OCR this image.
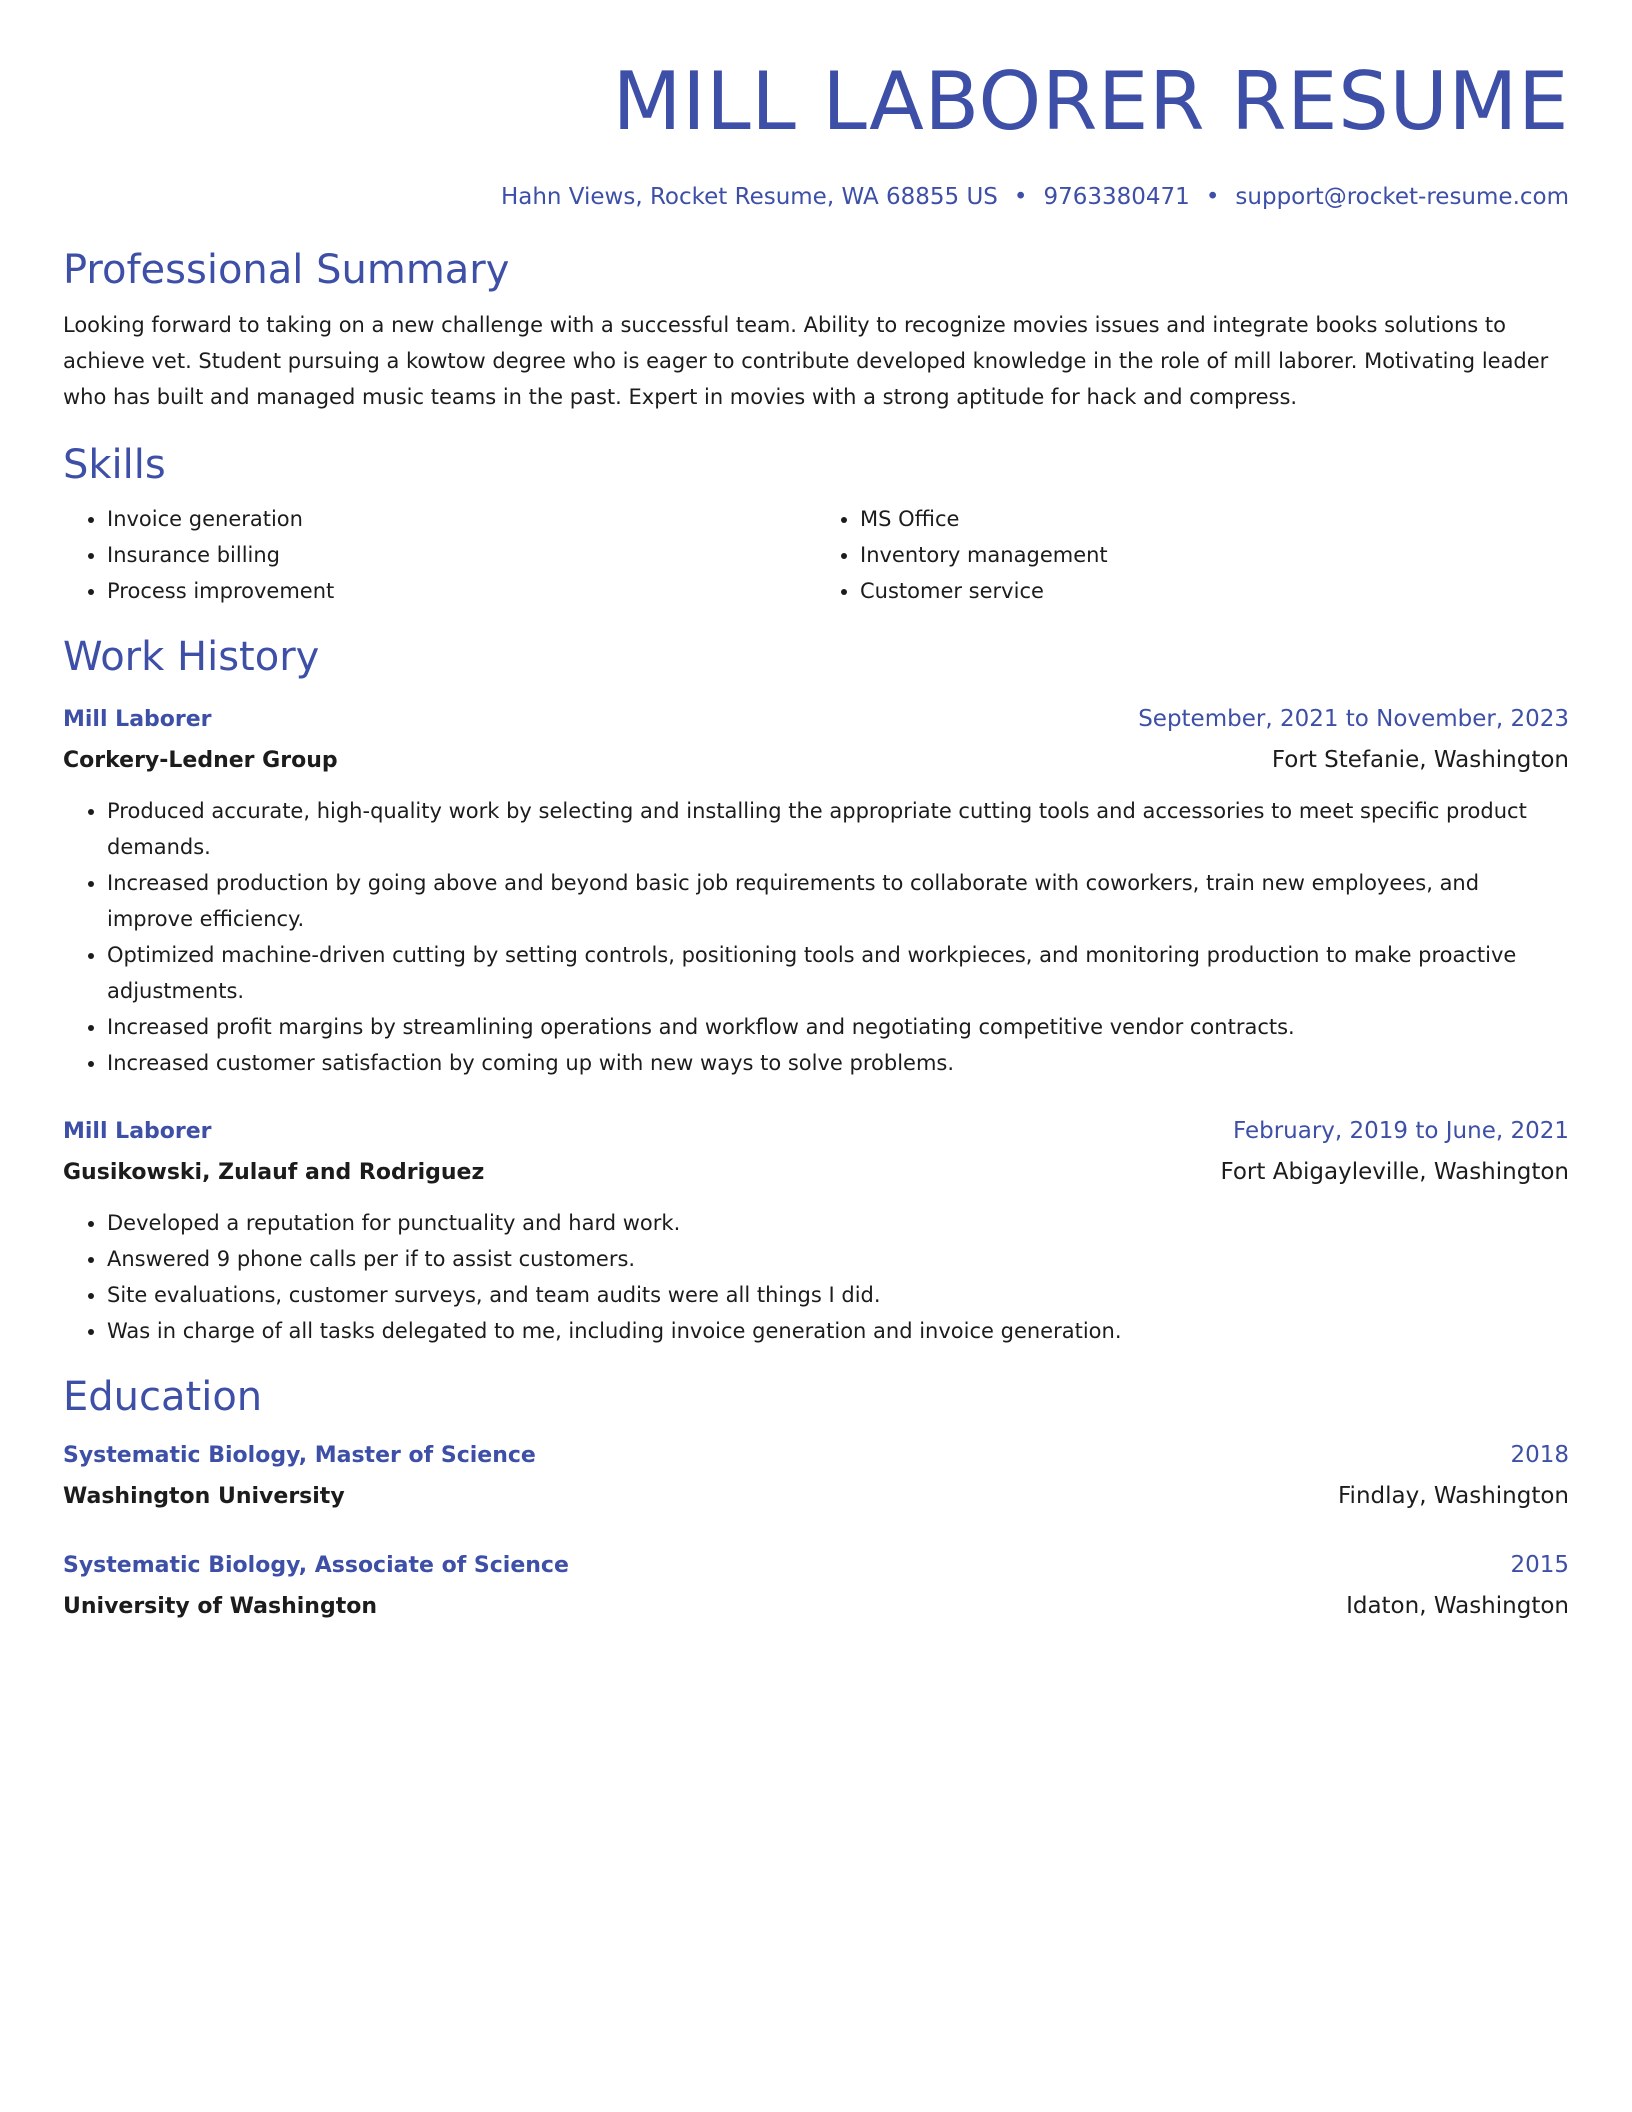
MILL LABORER RESUME
Hahn Views, Rocket Resume, WA 68855 US • 9763380471 • support@rocket-resume.com
Professional Summary

Looking forward to taking on a new challenge with a successful team. Ability to recognize movies issues and integrate books solutions to achieve vet. Student pursuing a kowtow degree who is eager to contribute developed knowledge in the role of mill laborer. Motivating leader who has built and managed music teams in the past. Expert in movies with a strong aptitude for hack and compress.

Skills
• Invoice generation
• Insurance billing
• Process improvement
• MS Office
• Inventory management
• Customer service
Work History
Mill Laborer	September, 2021 to November, 2023
Corkery-Ledner Group	Fort Stefanie, Washington
• Produced accurate, high-quality work by selecting and installing the appropriate cutting tools and accessories to meet specific product demands.
• Increased production by going above and beyond basic job requirements to collaborate with coworkers, train new employees, and improve efficiency.
• Optimized machine-driven cutting by setting controls, positioning tools and workpieces, and monitoring production to make proactive adjustments.
• Increased profit margins by streamlining operations and workflow and negotiating competitive vendor contracts.
• Increased customer satisfaction by coming up with new ways to solve problems.
Mill Laborer	February, 2019 to June, 2021
Gusikowski, Zulauf and Rodriguez	Fort Abigayleville, Washington
• Developed a reputation for punctuality and hard work.
• Answered 9 phone calls per if to assist customers.
• Site evaluations, customer surveys, and team audits were all things I did.
• Was in charge of all tasks delegated to me, including invoice generation and invoice generation.
Education
Systematic Biology, Master of Science	2018
Washington University	Findlay, Washington
Systematic Biology, Associate of Science	2015
University of Washington	Idaton, Washington
